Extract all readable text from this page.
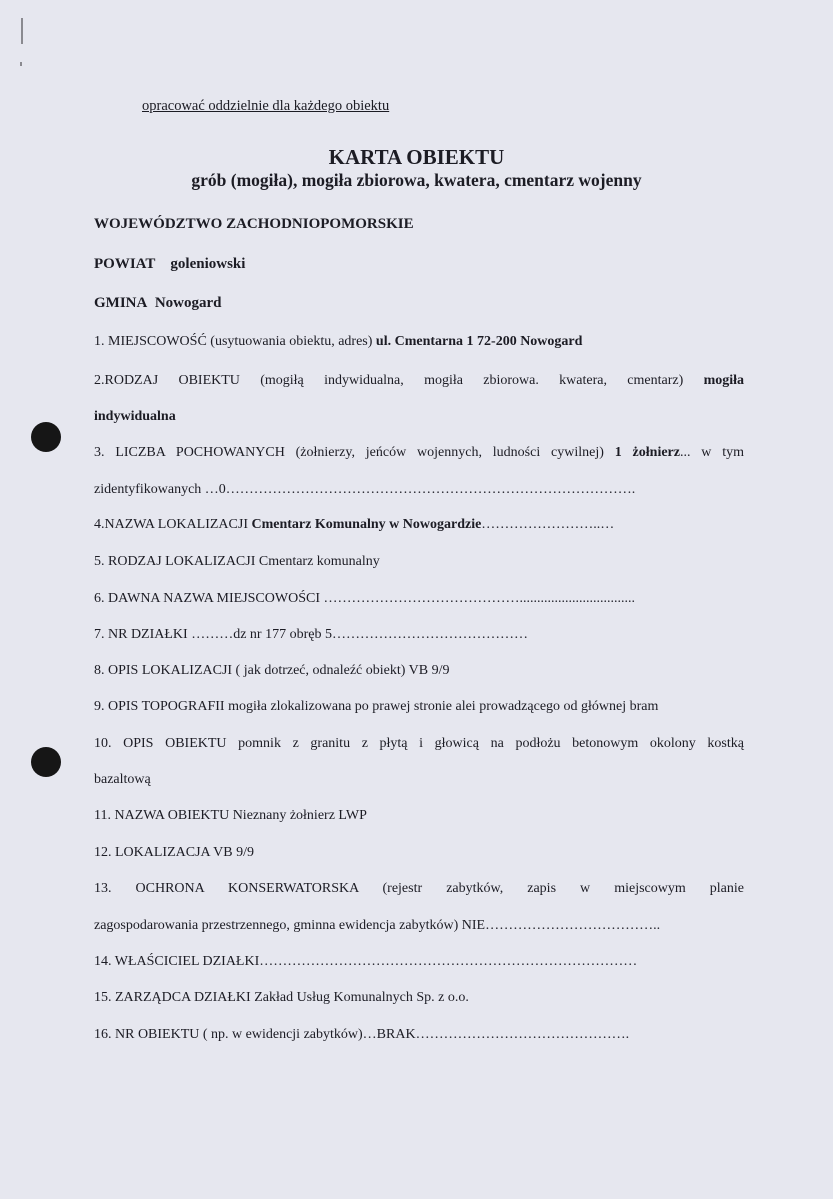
opracować oddzielnie dla każdego obiektu
KARTA OBIEKTU
grób (mogiła), mogiła zbiorowa, kwatera, cmentarz wojenny
WOJEWÓDZTWO ZACHODNIOPOMORSKIE
POWIAT goleniowski
GMINA Nowogard
1. MIEJSCOWOŚĆ (usytuowania obiektu, adres) ul. Cmentarna 1 72-200 Nowogard
2.RODZAJ OBIEKTU (mogiłą indywidualna, mogiła zbiorowa. kwatera, cmentarz) mogiła
indywidualna
3. LICZBA POCHOWANYCH (żołnierzy, jeńców wojennych, ludności cywilnej) 1 żołnierz... w tym
zidentyfikowanych …0…………………………………………………………………………….
4.NAZWA LOKALIZACJI Cmentarz Komunalny w Nowogardzie……………………..…
5. RODZAJ LOKALIZACJI Cmentarz komunalny
6. DAWNA NAZWA MIEJSCOWOŚCI …………………………………….................................
7. NR DZIAŁKI ………dz nr 177 obręb 5……………………………………
8. OPIS LOKALIZACJI ( jak dotrzeć, odnaleźć obiekt) VB 9/9
9. OPIS TOPOGRAFII mogiła zlokalizowana po prawej stronie alei prowadzącego od głównej bram
10. OPIS OBIEKTU pomnik z granitu z płytą i głowicą na podłożu betonowym okolony kostką
bazaltową
11. NAZWA OBIEKTU Nieznany żołnierz LWP
12. LOKALIZACJA VB 9/9
13. OCHRONA KONSERWATORSKA (rejestr zabytków, zapis w miejscowym planie
zagospodarowania przestrzennego, gminna ewidencja zabytków) NIE………………………………..
14. WŁAŚCICIEL DZIAŁKI………………………………………………………………………
15. ZARZĄDCA DZIAŁKI Zakład Usług Komunalnych Sp. z o.o.
16. NR OBIEKTU ( np. w ewidencji zabytków)…BRAK……………………………………….
